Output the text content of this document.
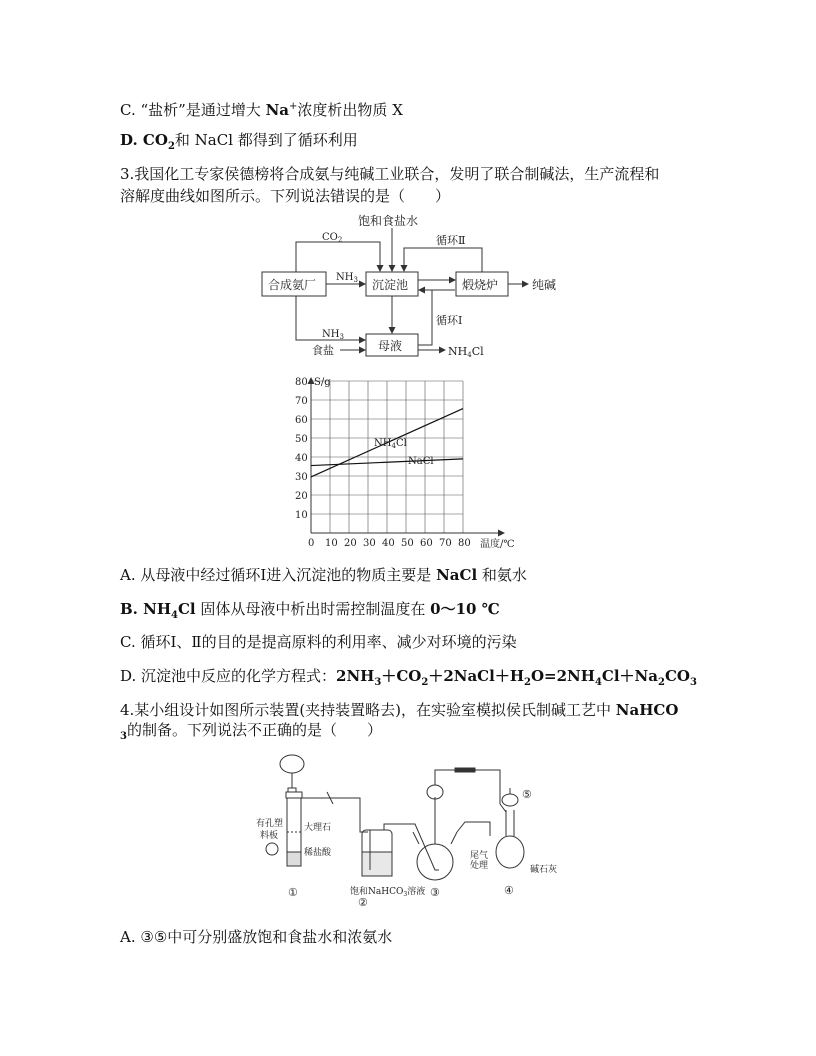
C. “盐析”是通过增大 Na+浓度析出物质 X
D. $CO_2$和 NaCl 都得到了循环利用
3.我国化工专家侯德榜将合成氨与纯碱工业联合，发明了联合制碱法，生产流程和
溶解度曲线如图所示。下列说法错误的是（　　）
合成氨厂	沉淀池	煅烧炉
母液
纯碱
饱和食盐水
$CO_2$
$NH_3$
$NH_3$
食盐	NH4Cl
循环Ⅰ
循环Ⅱ
0 10 20 30 40 50 60 70 80
10
20
30
40
50
60
70
80 S/g
温度/℃
$NH_4Cl$
NaCl
A. 从母液中经过循环Ⅰ进入沉淀池的物质主要是 NaCl 和氨水
B. $NH_4Cl$ 固体从母液中析出时需控制温度在 0～10 ℃
C. 循环Ⅰ、Ⅱ的目的是提高原料的利用率、减少对环境的污染
D. 沉淀池中反应的化学方程式：$2NH_3+CO_2+2NaCl+H_2O=2NH_4Cl+Na_2CO_3$
4.某小组设计如图所示装置(夹持装置略去)，在实验室模拟侯氏制碱工艺中 NaHCO
$_3$的制备。下列说法不正确的是（　　）
有孔塑
料板
大理石
稀盐酸
饱和NaHCO$_3$溶液
尾气
处理	碱石灰
①
②
③	④
⑤
A. ③⑤中可分别盛放饱和食盐水和浓氨水
